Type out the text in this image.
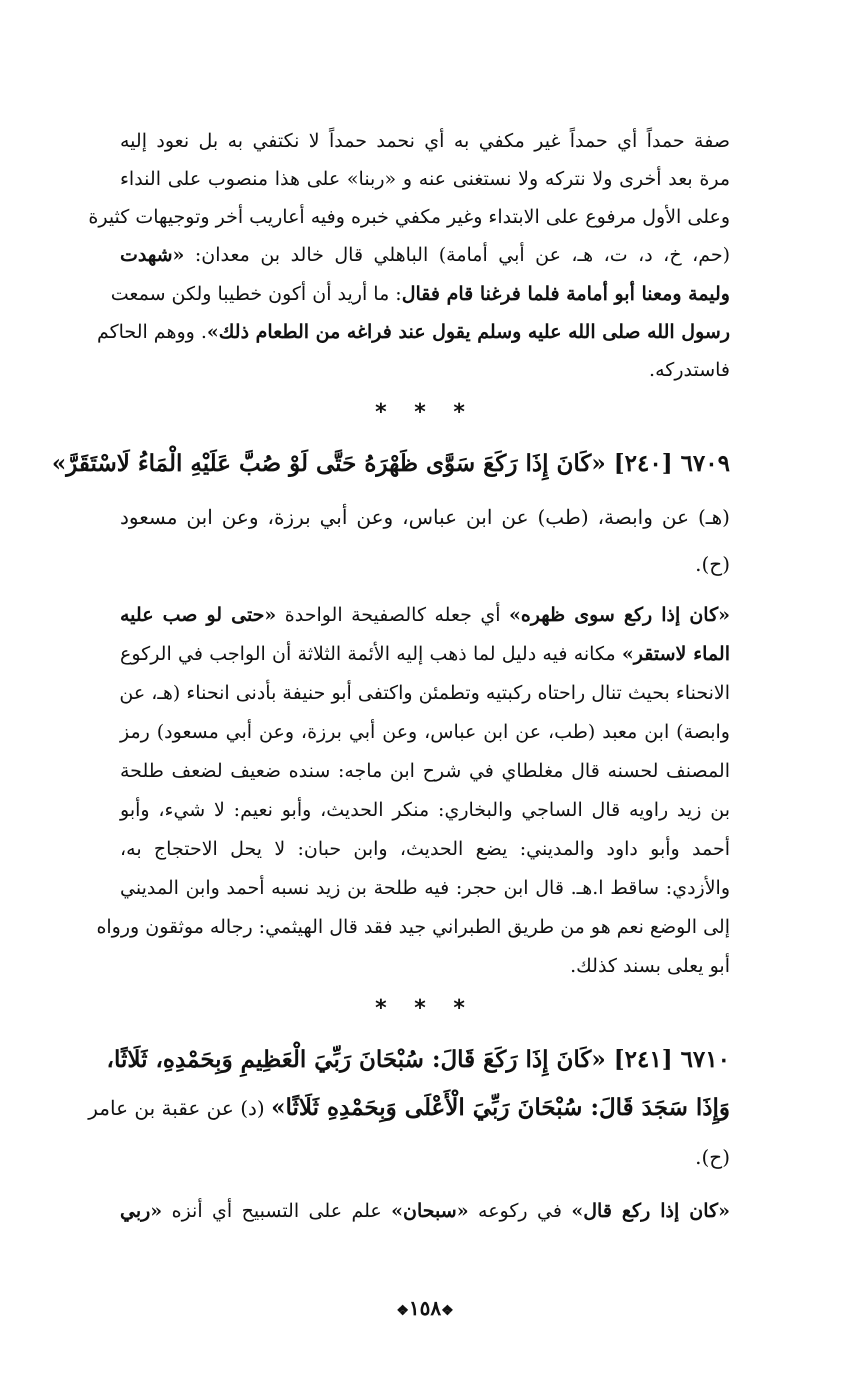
صفة حمداً أي حمداً غير مكفي به أي نحمد حمداً لا نكتفي به بل نعود إليه
مرة بعد أخرى ولا نتركه ولا نستغنى عنه و «ربنا» على هذا منصوب على النداء
وعلى الأول مرفوع على الابتداء وغير مكفي خبره وفيه أعاريب أخر وتوجيهات كثيرة
(حم، خ، د، ت، هـ، عن أبي أمامة) الباهلي قال خالد بن معدان: «شهدت
وليمة ومعنا أبو أمامة فلما فرغنا قام فقال: ما أريد أن أكون خطيبا ولكن سمعت
رسول الله صلى الله عليه وسلم يقول عند فراغه من الطعام ذلك». ووهم الحاكم
فاستدركه.
* * *
٦٧٠٩ [٢٤٠] «كَانَ إِذَا رَكَعَ سَوَّى ظَهْرَهُ حَتَّى لَوْ صُبَّ عَلَيْهِ الْمَاءُ لَاسْتَقَرَّ»
(هـ) عن وابصة، (طب) عن ابن عباس، وعن أبي برزة، وعن ابن مسعود
(ح).
«كان إذا ركع سوى ظهره» أي جعله كالصفيحة الواحدة «حتى لو صب عليه
الماء لاستقر» مكانه فيه دليل لما ذهب إليه الأئمة الثلاثة أن الواجب في الركوع
الانحناء بحيث تنال راحتاه ركبتيه وتطمئن واكتفى أبو حنيفة بأدنى انحناء (هـ، عن
وابصة) ابن معبد (طب، عن ابن عباس، وعن أبي برزة، وعن أبي مسعود) رمز
المصنف لحسنه قال مغلطاي في شرح ابن ماجه: سنده ضعيف لضعف طلحة
بن زيد راويه قال الساجي والبخاري: منكر الحديث، وأبو نعيم: لا شيء، وأبو
أحمد وأبو داود والمديني: يضع الحديث، وابن حبان: لا يحل الاحتجاج به،
والأزدي: ساقط ا.هـ. قال ابن حجر: فيه طلحة بن زيد نسبه أحمد وابن المديني
إلى الوضع نعم هو من طريق الطبراني جيد فقد قال الهيثمي: رجاله موثقون ورواه
أبو يعلى بسند كذلك.
* * *
٦٧١٠ [٢٤١] «كَانَ إِذَا رَكَعَ قَالَ: سُبْحَانَ رَبِّيَ الْعَظِيمِ وَبِحَمْدِهِ، ثَلَاثًا،
وَإِذَا سَجَدَ قَالَ: سُبْحَانَ رَبِّيَ الْأَعْلَى وَبِحَمْدِهِ ثَلَاثًا» (د) عن عقبة بن عامر
(ح).
«كان إذا ركع قال» في ركوعه «سبحان» علم على التسبيح أي أنزه «ربي
❖١٥٨❖
